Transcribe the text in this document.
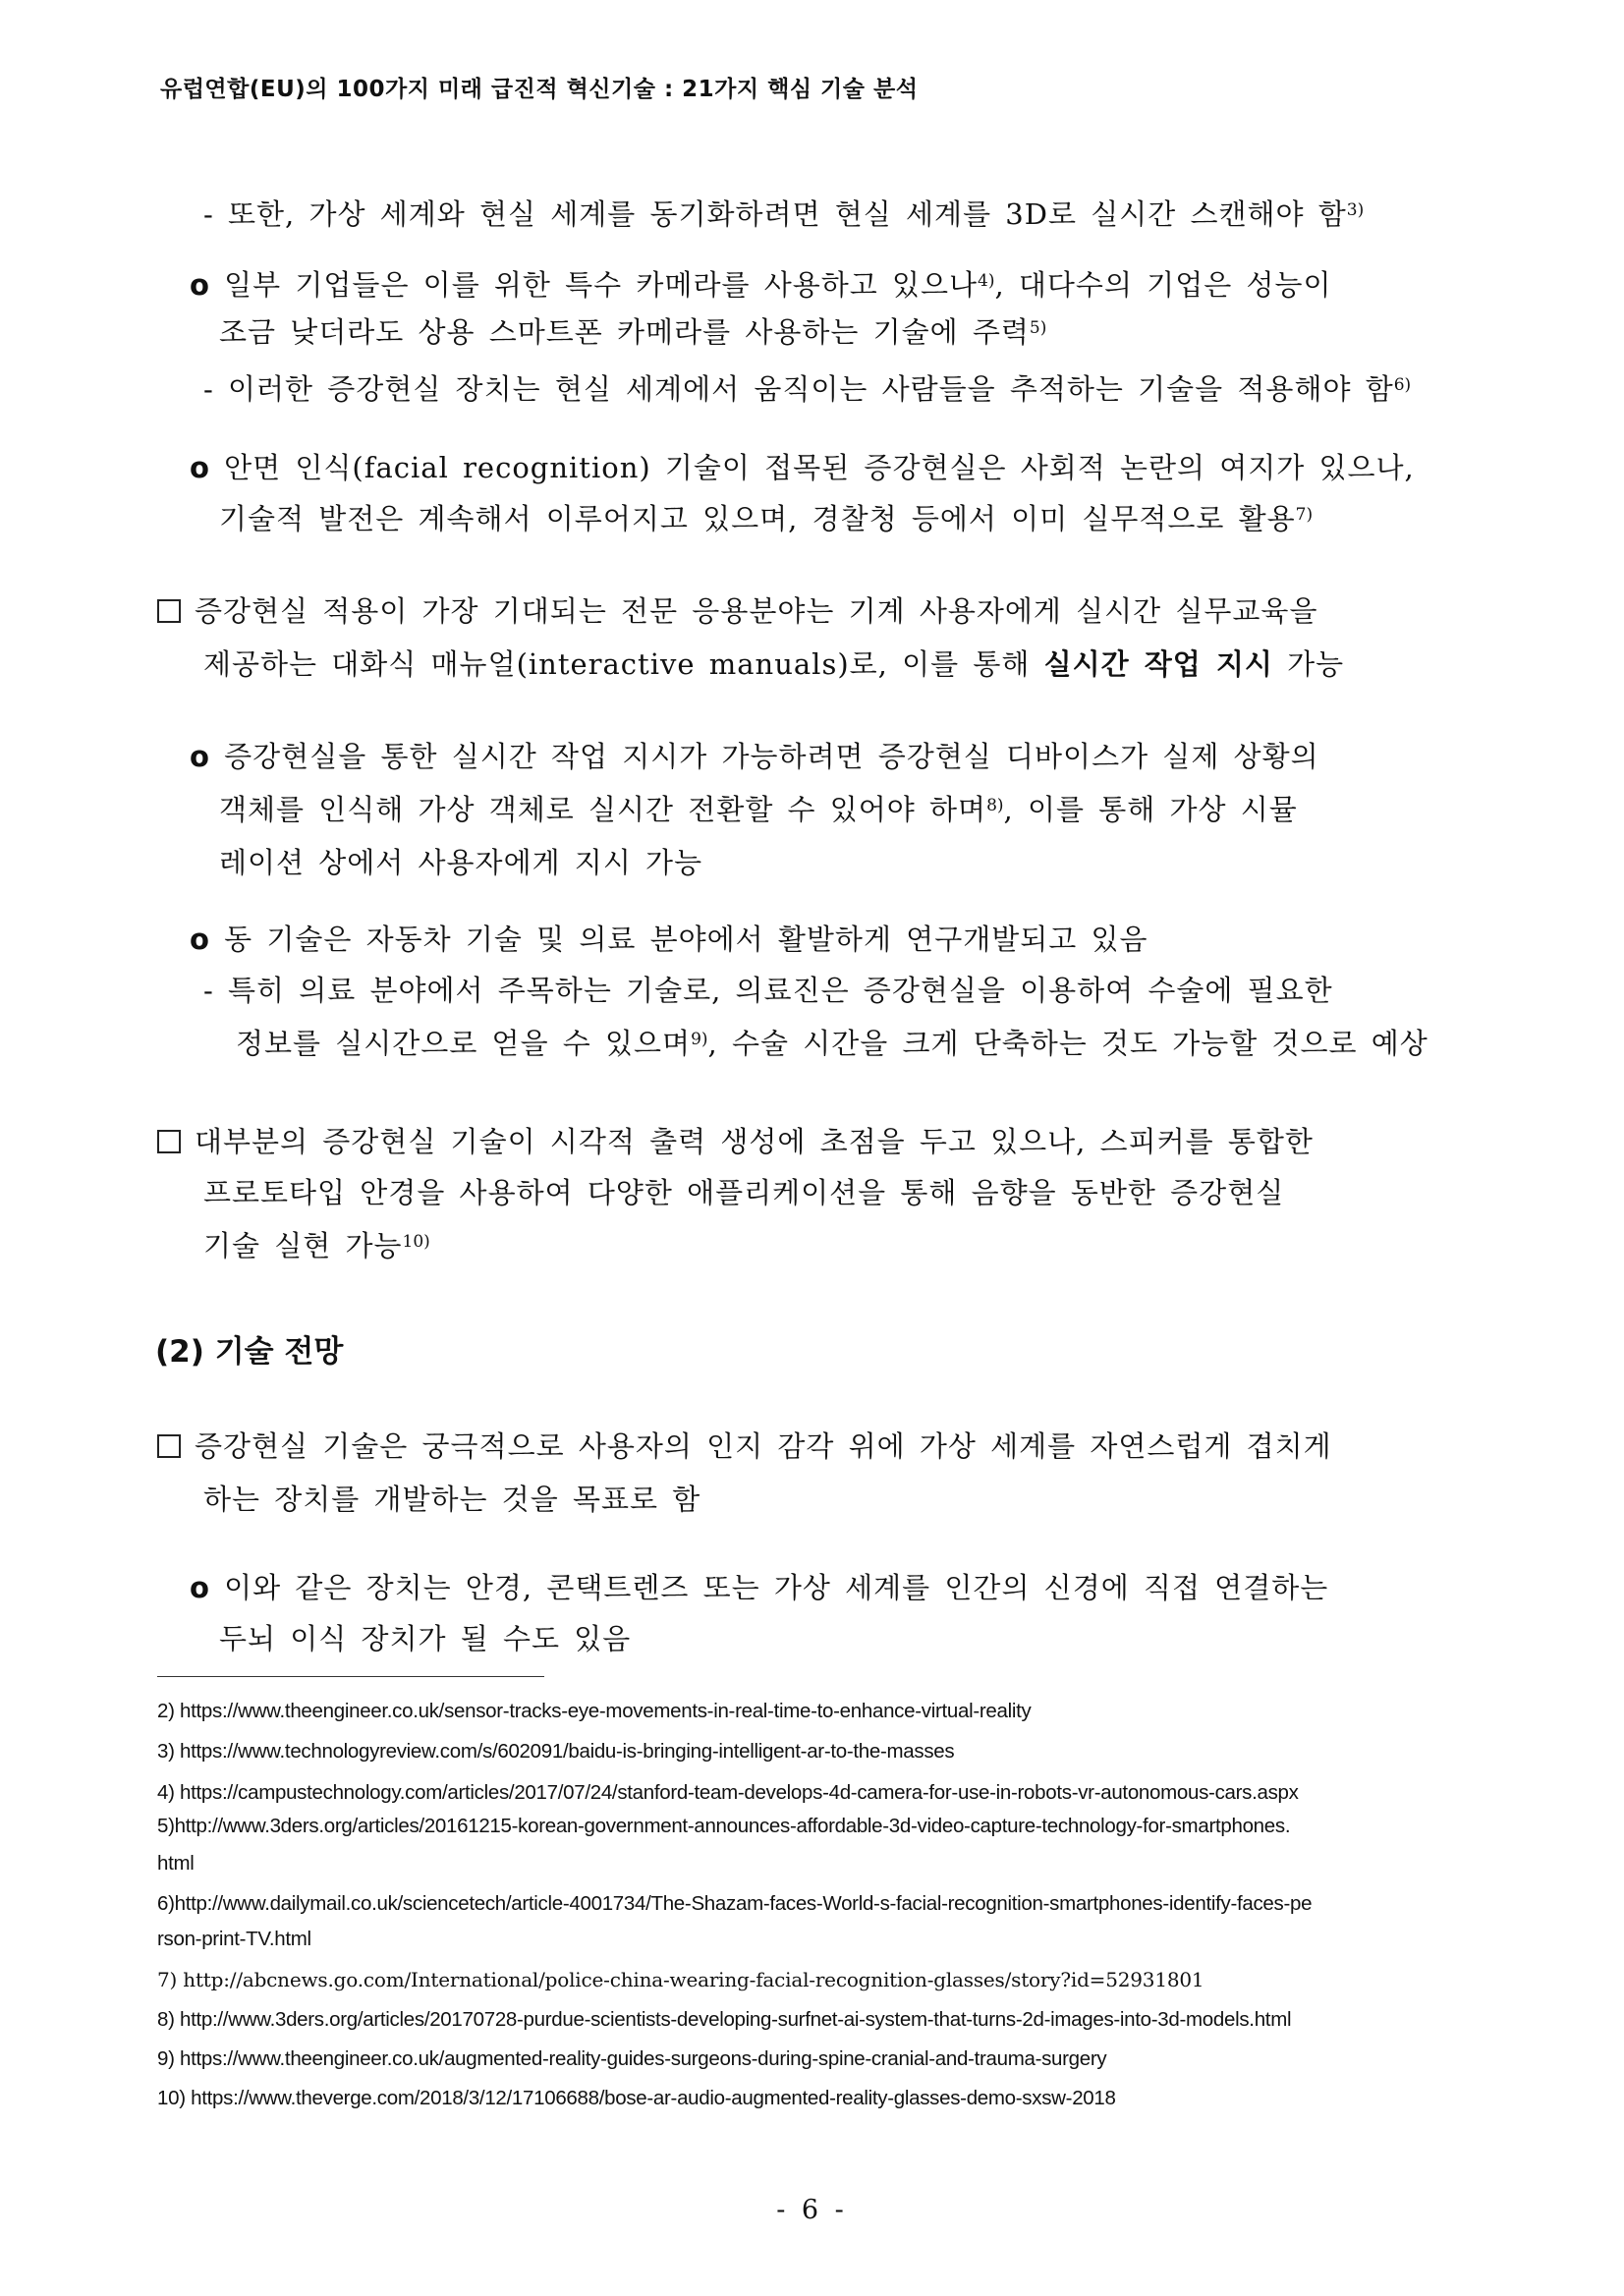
유럽연합(EU)의 100가지 미래 급진적 혁신기술 : 21가지 핵심 기술 분석
- 또한, 가상 세계와 현실 세계를 동기화하려면 현실 세계를 3D로 실시간 스캔해야 함$^{3)}$
o 일부 기업들은 이를 위한 특수 카메라를 사용하고 있으나$^{4)}$, 대다수의 기업은 성능이
조금 낮더라도 상용 스마트폰 카메라를 사용하는 기술에 주력$^{5)}$
- 이러한 증강현실 장치는 현실 세계에서 움직이는 사람들을 추적하는 기술을 적용해야 함$^{6)}$
o 안면 인식(facial recognition) 기술이 접목된 증강현실은 사회적 논란의 여지가 있으나,
기술적 발전은 계속해서 이루어지고 있으며, 경찰청 등에서 이미 실무적으로 활용$^{7)}$
증강현실 적용이 가장 기대되는 전문 응용분야는 기계 사용자에게 실시간 실무교육을
제공하는 대화식 매뉴얼(interactive manuals)로, 이를 통해 실시간 작업 지시 가능
o 증강현실을 통한 실시간 작업 지시가 가능하려면 증강현실 디바이스가 실제 상황의
객체를 인식해 가상 객체로 실시간 전환할 수 있어야 하며$^{8)}$, 이를 통해 가상 시뮬
레이션 상에서 사용자에게 지시 가능
o 동 기술은 자동차 기술 및 의료 분야에서 활발하게 연구개발되고 있음
- 특히 의료 분야에서 주목하는 기술로, 의료진은 증강현실을 이용하여 수술에 필요한
정보를 실시간으로 얻을 수 있으며$^{9)}$, 수술 시간을 크게 단축하는 것도 가능할 것으로 예상
대부분의 증강현실 기술이 시각적 출력 생성에 초점을 두고 있으나, 스피커를 통합한
프로토타입 안경을 사용하여 다양한 애플리케이션을 통해 음향을 동반한 증강현실
기술 실현 가능$^{10)}$
(2) 기술 전망
증강현실 기술은 궁극적으로 사용자의 인지 감각 위에 가상 세계를 자연스럽게 겹치게
하는 장치를 개발하는 것을 목표로 함
o 이와 같은 장치는 안경, 콘택트렌즈 또는 가상 세계를 인간의 신경에 직접 연결하는
두뇌 이식 장치가 될 수도 있음
2) https://www.theengineer.co.uk/sensor-tracks-eye-movements-in-real-time-to-enhance-virtual-reality
3) https://www.technologyreview.com/s/602091/baidu-is-bringing-intelligent-ar-to-the-masses
4) https://campustechnology.com/articles/2017/07/24/stanford-team-develops-4d-camera-for-use-in-robots-vr-autonomous-cars.aspx
5)http://www.3ders.org/articles/20161215-korean-government-announces-affordable-3d-video-capture-technology-for-smartphones.
html
6)http://www.dailymail.co.uk/sciencetech/article-4001734/The-Shazam-faces-World-s-facial-recognition-smartphones-identify-faces-pe
rson-print-TV.html
7) http://abcnews.go.com/International/police-china-wearing-facial-recognition-glasses/story?id=52931801
8) http://www.3ders.org/articles/20170728-purdue-scientists-developing-surfnet-ai-system-that-turns-2d-images-into-3d-models.html
9) https://www.theengineer.co.uk/augmented-reality-guides-surgeons-during-spine-cranial-and-trauma-surgery
10) https://www.theverge.com/2018/3/12/17106688/bose-ar-audio-augmented-reality-glasses-demo-sxsw-2018
- 6 -
